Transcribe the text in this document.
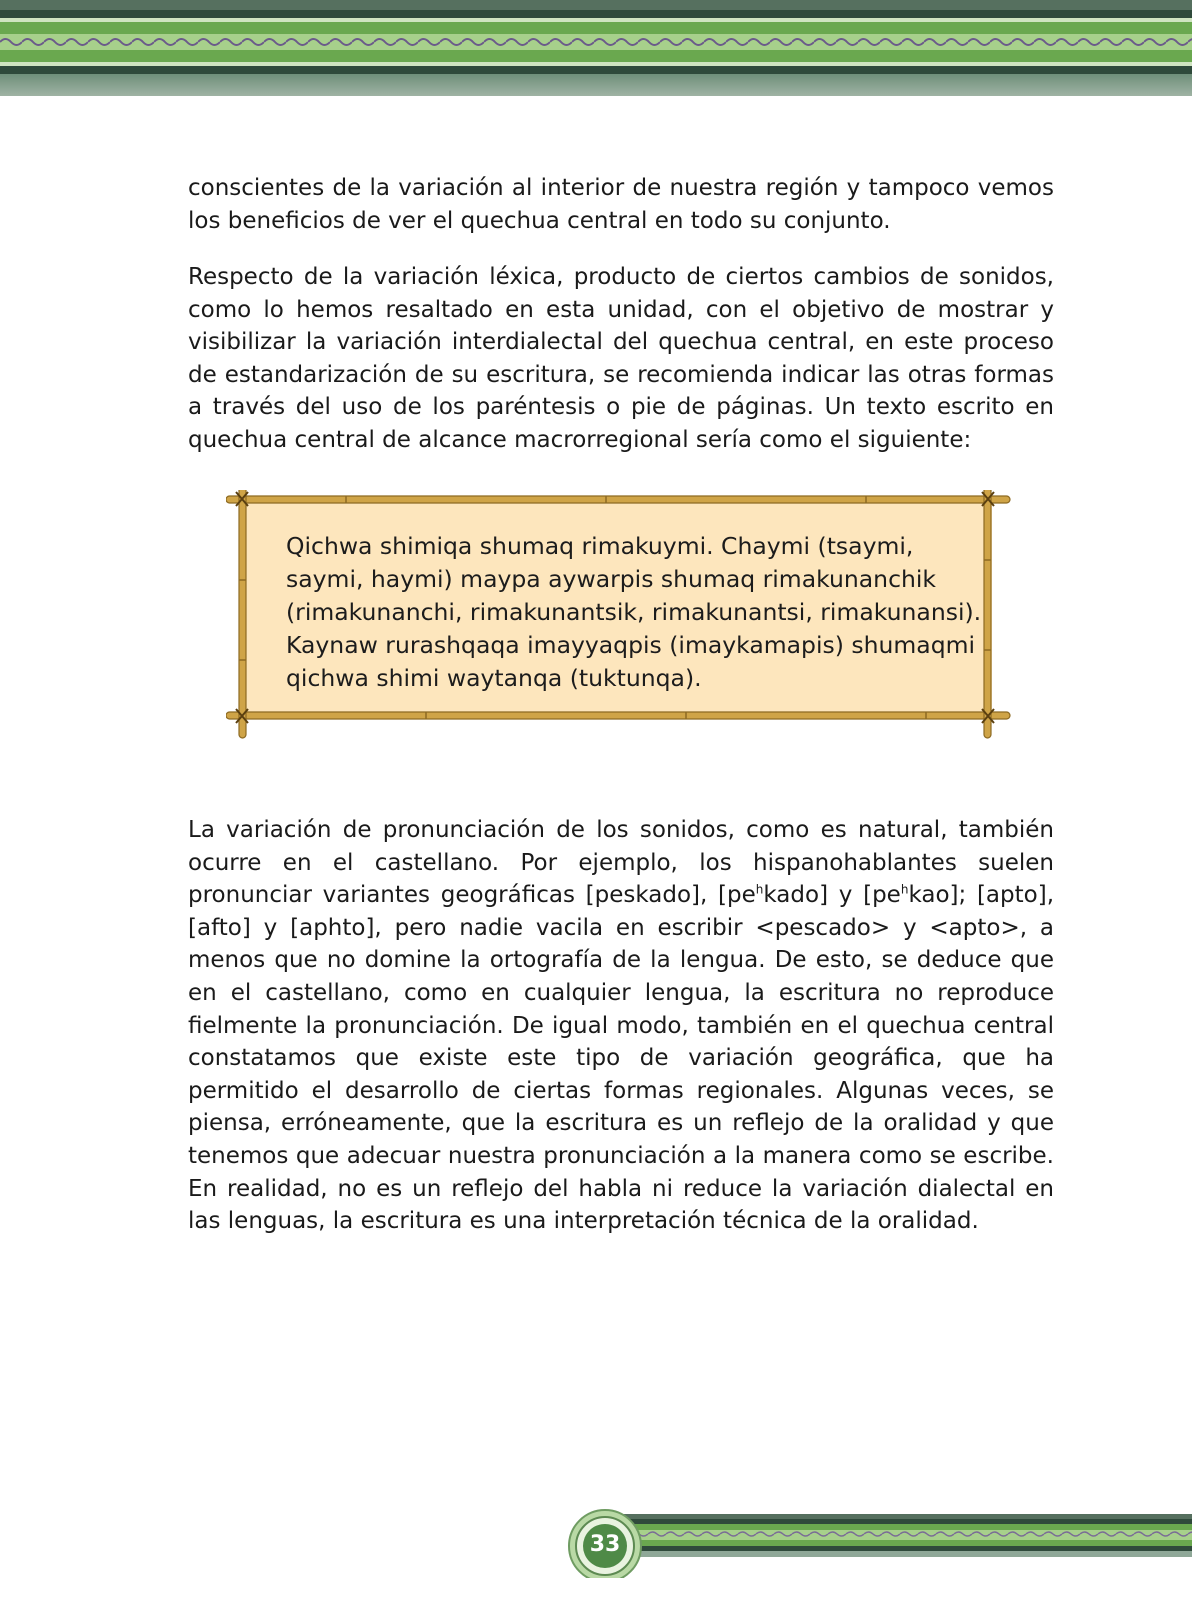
conscientes de la variación al interior de nuestra región y tampoco vemos los beneficios de ver el quechua central en todo su conjunto.

Respecto de la variación léxica, producto de ciertos cambios de sonidos, como lo hemos resaltado en esta unidad, con el objetivo de mostrar y visibilizar la variación interdialectal del quechua central, en este proceso de estandarización de su escritura, se recomienda indicar las otras formas a través del uso de los paréntesis o pie de páginas. Un texto escrito en quechua central de alcance macrorregional sería como el siguiente:

Qichwa shimiqa shumaq rimakuymi. Chaymi (tsaymi, saymi, haymi) maypa aywarpis shumaq rimakunanchik (rimakunanchi, rimakunantsik, rimakunantsi, rimakunansi). Kaynaw rurashqaqa imayyaqpis (imaykamapis) shumaqmi qichwa shimi waytanqa (tuktunqa).

La variación de pronunciación de los sonidos, como es natural, también ocurre en el castellano. Por ejemplo, los hispanohablantes suelen pronunciar variantes geográficas [peskado], $[pe^hkado]$ y $[pe^hkao]$; [apto], [afto] y [aphto], pero nadie vacila en escribir <pescado> y <apto>, a menos que no domine la ortografía de la lengua. De esto, se deduce que en el castellano, como en cualquier lengua, la escritura no reproduce fielmente la pronunciación. De igual modo, también en el quechua central constatamos que existe este tipo de variación geográfica, que ha permitido el desarrollo de ciertas formas regionales. Algunas veces, se piensa, erróneamente, que la escritura es un reflejo de la oralidad y que tenemos que adecuar nuestra pronunciación a la manera como se escribe. En realidad, no es un reflejo del habla ni reduce la variación dialectal en las lenguas, la escritura es una interpretación técnica de la oralidad.

33
